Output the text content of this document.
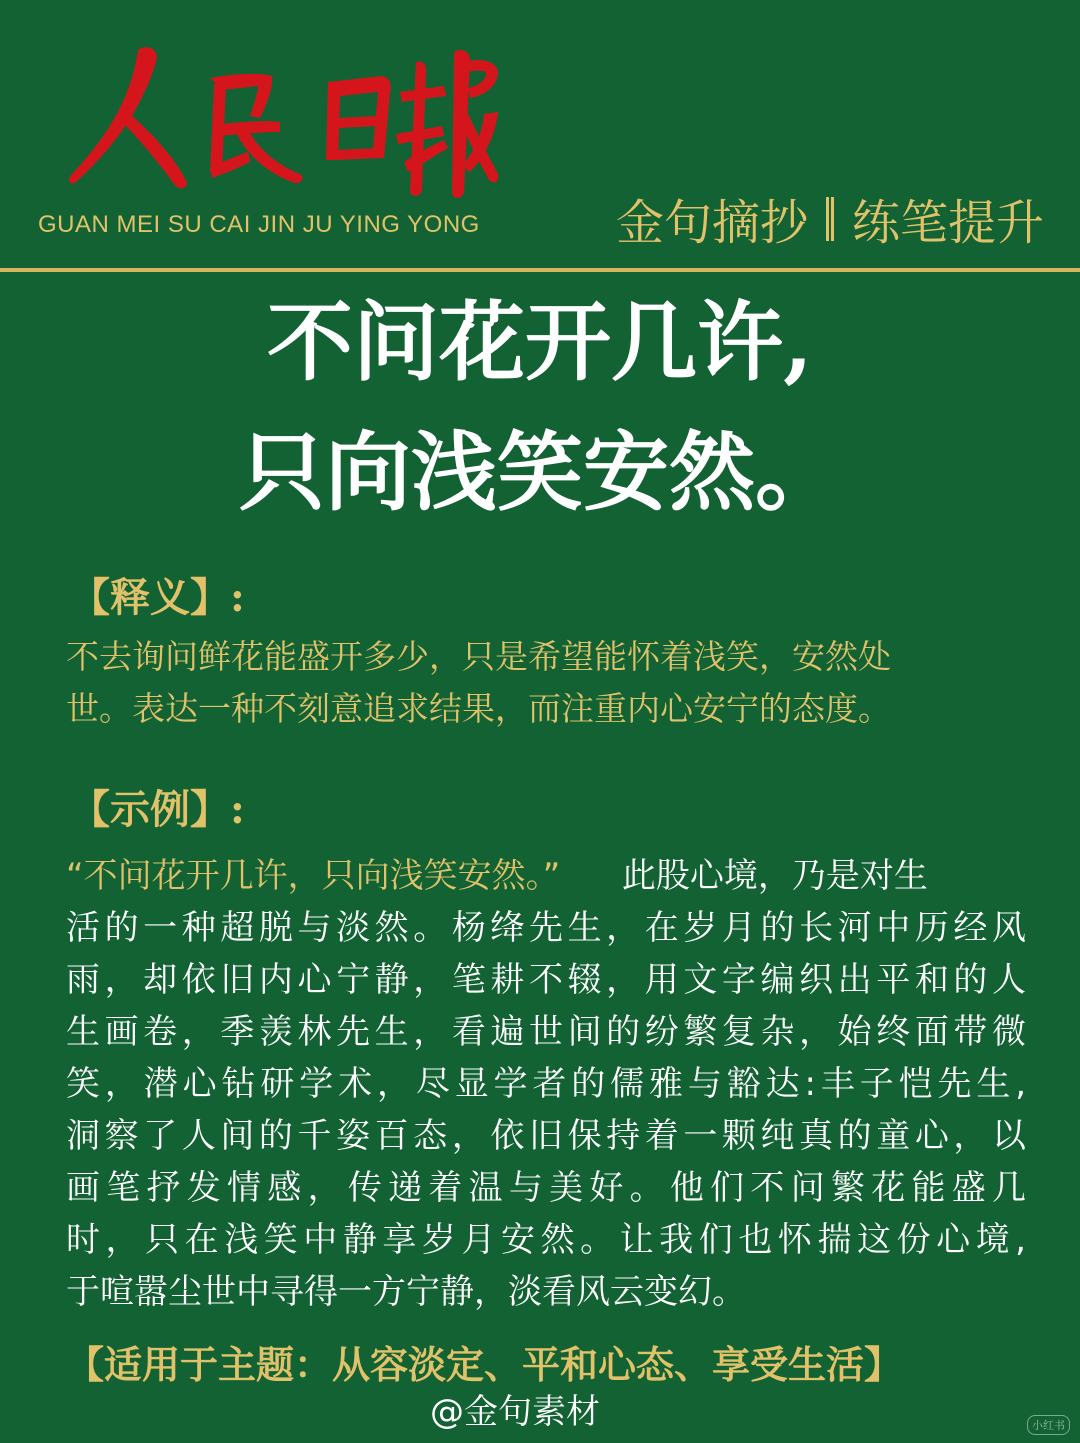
GUAN MEI SU CAI JIN JU YING YONG	金句摘抄 练笔提升
不问花开几许,
只向浅笑安然。
【释义】:
不去询问鲜花能盛开多少，只是希望能怀着浅笑，安然处
世。表达一种不刻意追求结果，而注重内心安宁的态度。
【示例】:
“不问花开几许，只向浅笑安然。” 此股心境，乃是对生
活的一种超脱与淡然。杨绛先生，在岁月的长河中历经风
雨，却依旧内心宁静，笔耕不辍，用文字编织出平和的人
生画卷，季羡林先生，看遍世间的纷繁复杂，始终面带微
笑，潜心钻研学术，尽显学者的儒雅与豁达:丰子恺先生,
洞察了人间的千姿百态，依旧保持着一颗纯真的童心，以
画笔抒发情感，传递着温与美好。他们不问繁花能盛几
时，只在浅笑中静享岁月安然。让我们也怀揣这份心境,
于喧嚣尘世中寻得一方宁静，淡看风云变幻。
【适用于主题：从容淡定、平和心态、享受生活】
@金句素材	小红书
